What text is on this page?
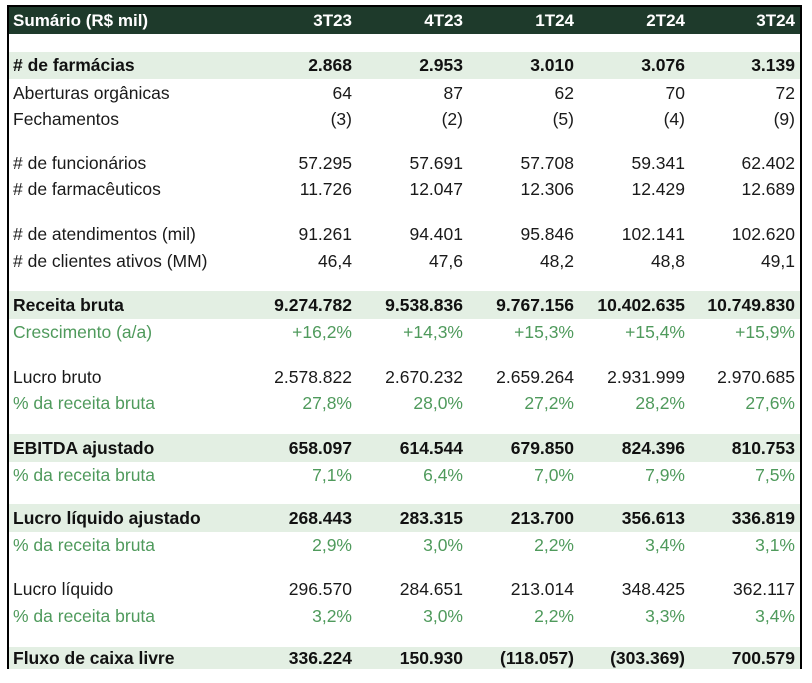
Sumário (R$ mil)	3T23	4T23	1T24	2T24	3T24
# de farmácias	2.868	2.953	3.010	3.076	3.139
Aberturas orgânicas	64	87	62	70	72
Fechamentos	(3)	(2)	(5)	(4)	(9)
# de funcionários	57.295	57.691	57.708	59.341	62.402
# de farmacêuticos	11.726	12.047	12.306	12.429	12.689
# de atendimentos (mil)	91.261	94.401	95.846	102.141	102.620
# de clientes ativos (MM)	46,4	47,6	48,2	48,8	49,1
Receita bruta	9.274.782	9.538.836	9.767.156	10.402.635	10.749.830
Crescimento (a/a)	+16,2%	+14,3%	+15,3%	+15,4%	+15,9%
Lucro bruto	2.578.822	2.670.232	2.659.264	2.931.999	2.970.685
% da receita bruta	27,8%	28,0%	27,2%	28,2%	27,6%
EBITDA ajustado	658.097	614.544	679.850	824.396	810.753
% da receita bruta	7,1%	6,4%	7,0%	7,9%	7,5%
Lucro líquido ajustado	268.443	283.315	213.700	356.613	336.819
% da receita bruta	2,9%	3,0%	2,2%	3,4%	3,1%
Lucro líquido	296.570	284.651	213.014	348.425	362.117
% da receita bruta	3,2%	3,0%	2,2%	3,3%	3,4%
Fluxo de caixa livre	336.224	150.930	(118.057)	(303.369)	700.579
